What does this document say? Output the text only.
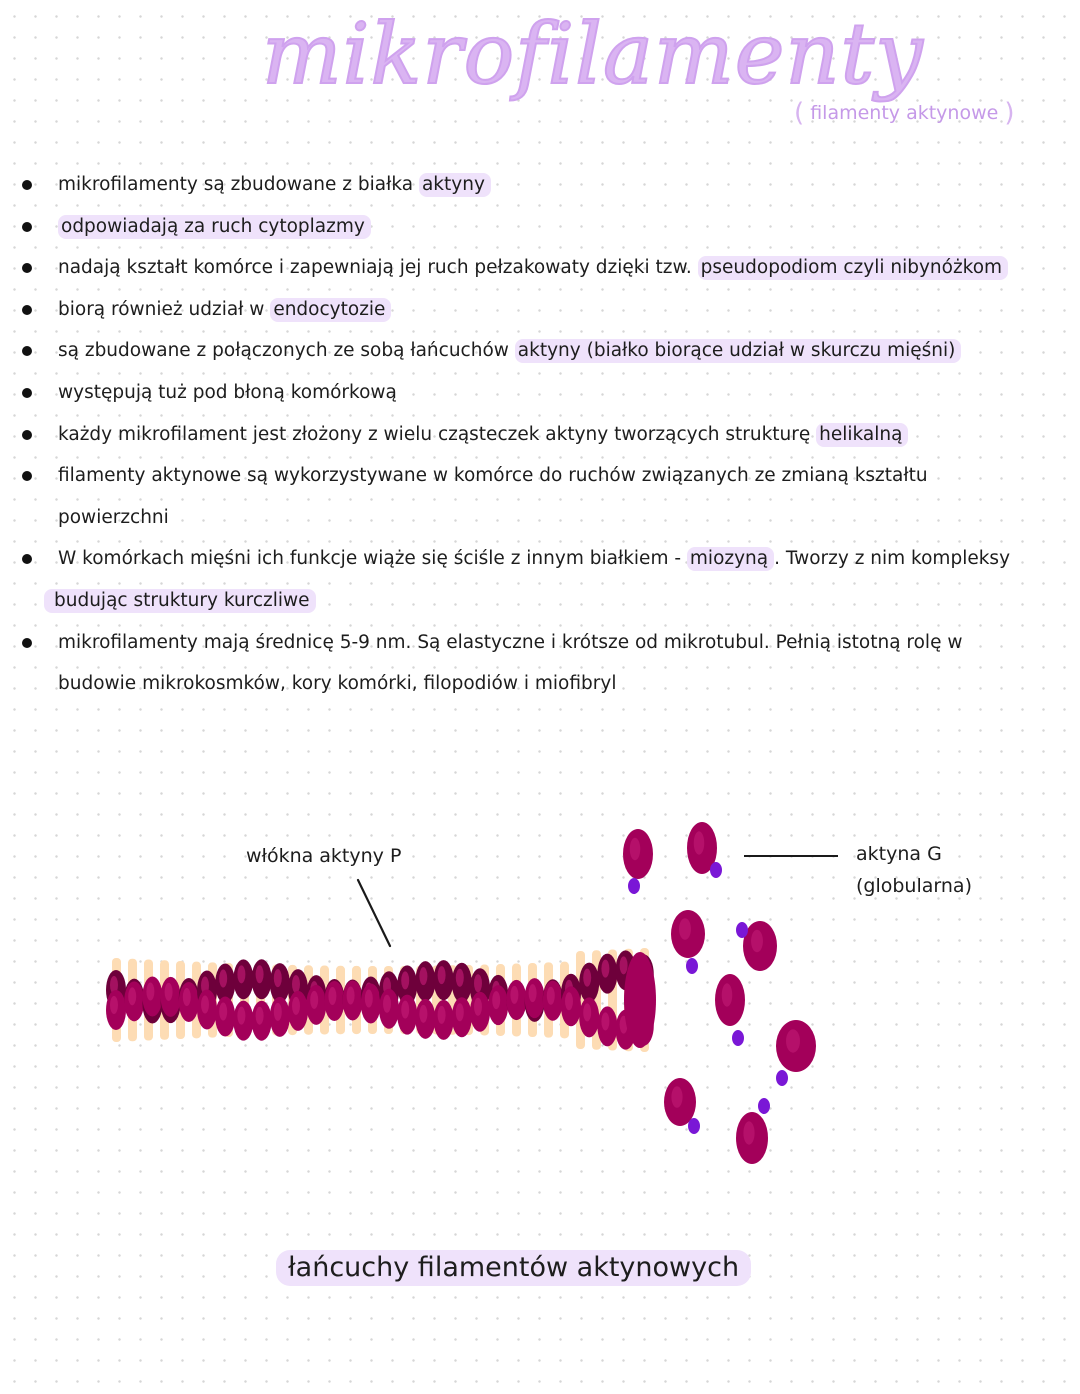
mikrofilamenty
( filamenty aktynowe )
mikrofilamenty są zbudowane z białka aktyny
odpowiadają za ruch cytoplazmy
nadają kształt komórce i zapewniają jej ruch pełzakowaty dzięki tzw. pseudopodiom czyli nibynóżkom
biorą również udział w endocytozie
są zbudowane z połączonych ze sobą łańcuchów aktyny (białko biorące udział w skurczu mięśni)
występują tuż pod błoną komórkową
każdy mikrofilament jest złożony z wielu cząsteczek aktyny tworzących strukturę helikalną
filamenty aktynowe są wykorzystywane w komórce do ruchów związanych ze zmianą kształtu
powierzchni
W komórkach mięśni ich funkcje wiąże się ściśle z innym białkiem - miozyną . Tworzy z nim kompleksy
budując struktury kurczliwe
mikrofilamenty mają średnicę 5-9 nm. Są elastyczne i krótsze od mikrotubul. Pełnią istotną rolę w
budowie mikrokosmków, kory komórki, filopodiów i miofibryl
włókna aktyny P	aktyna G
(globularna)
łańcuchy filamentów aktynowych
